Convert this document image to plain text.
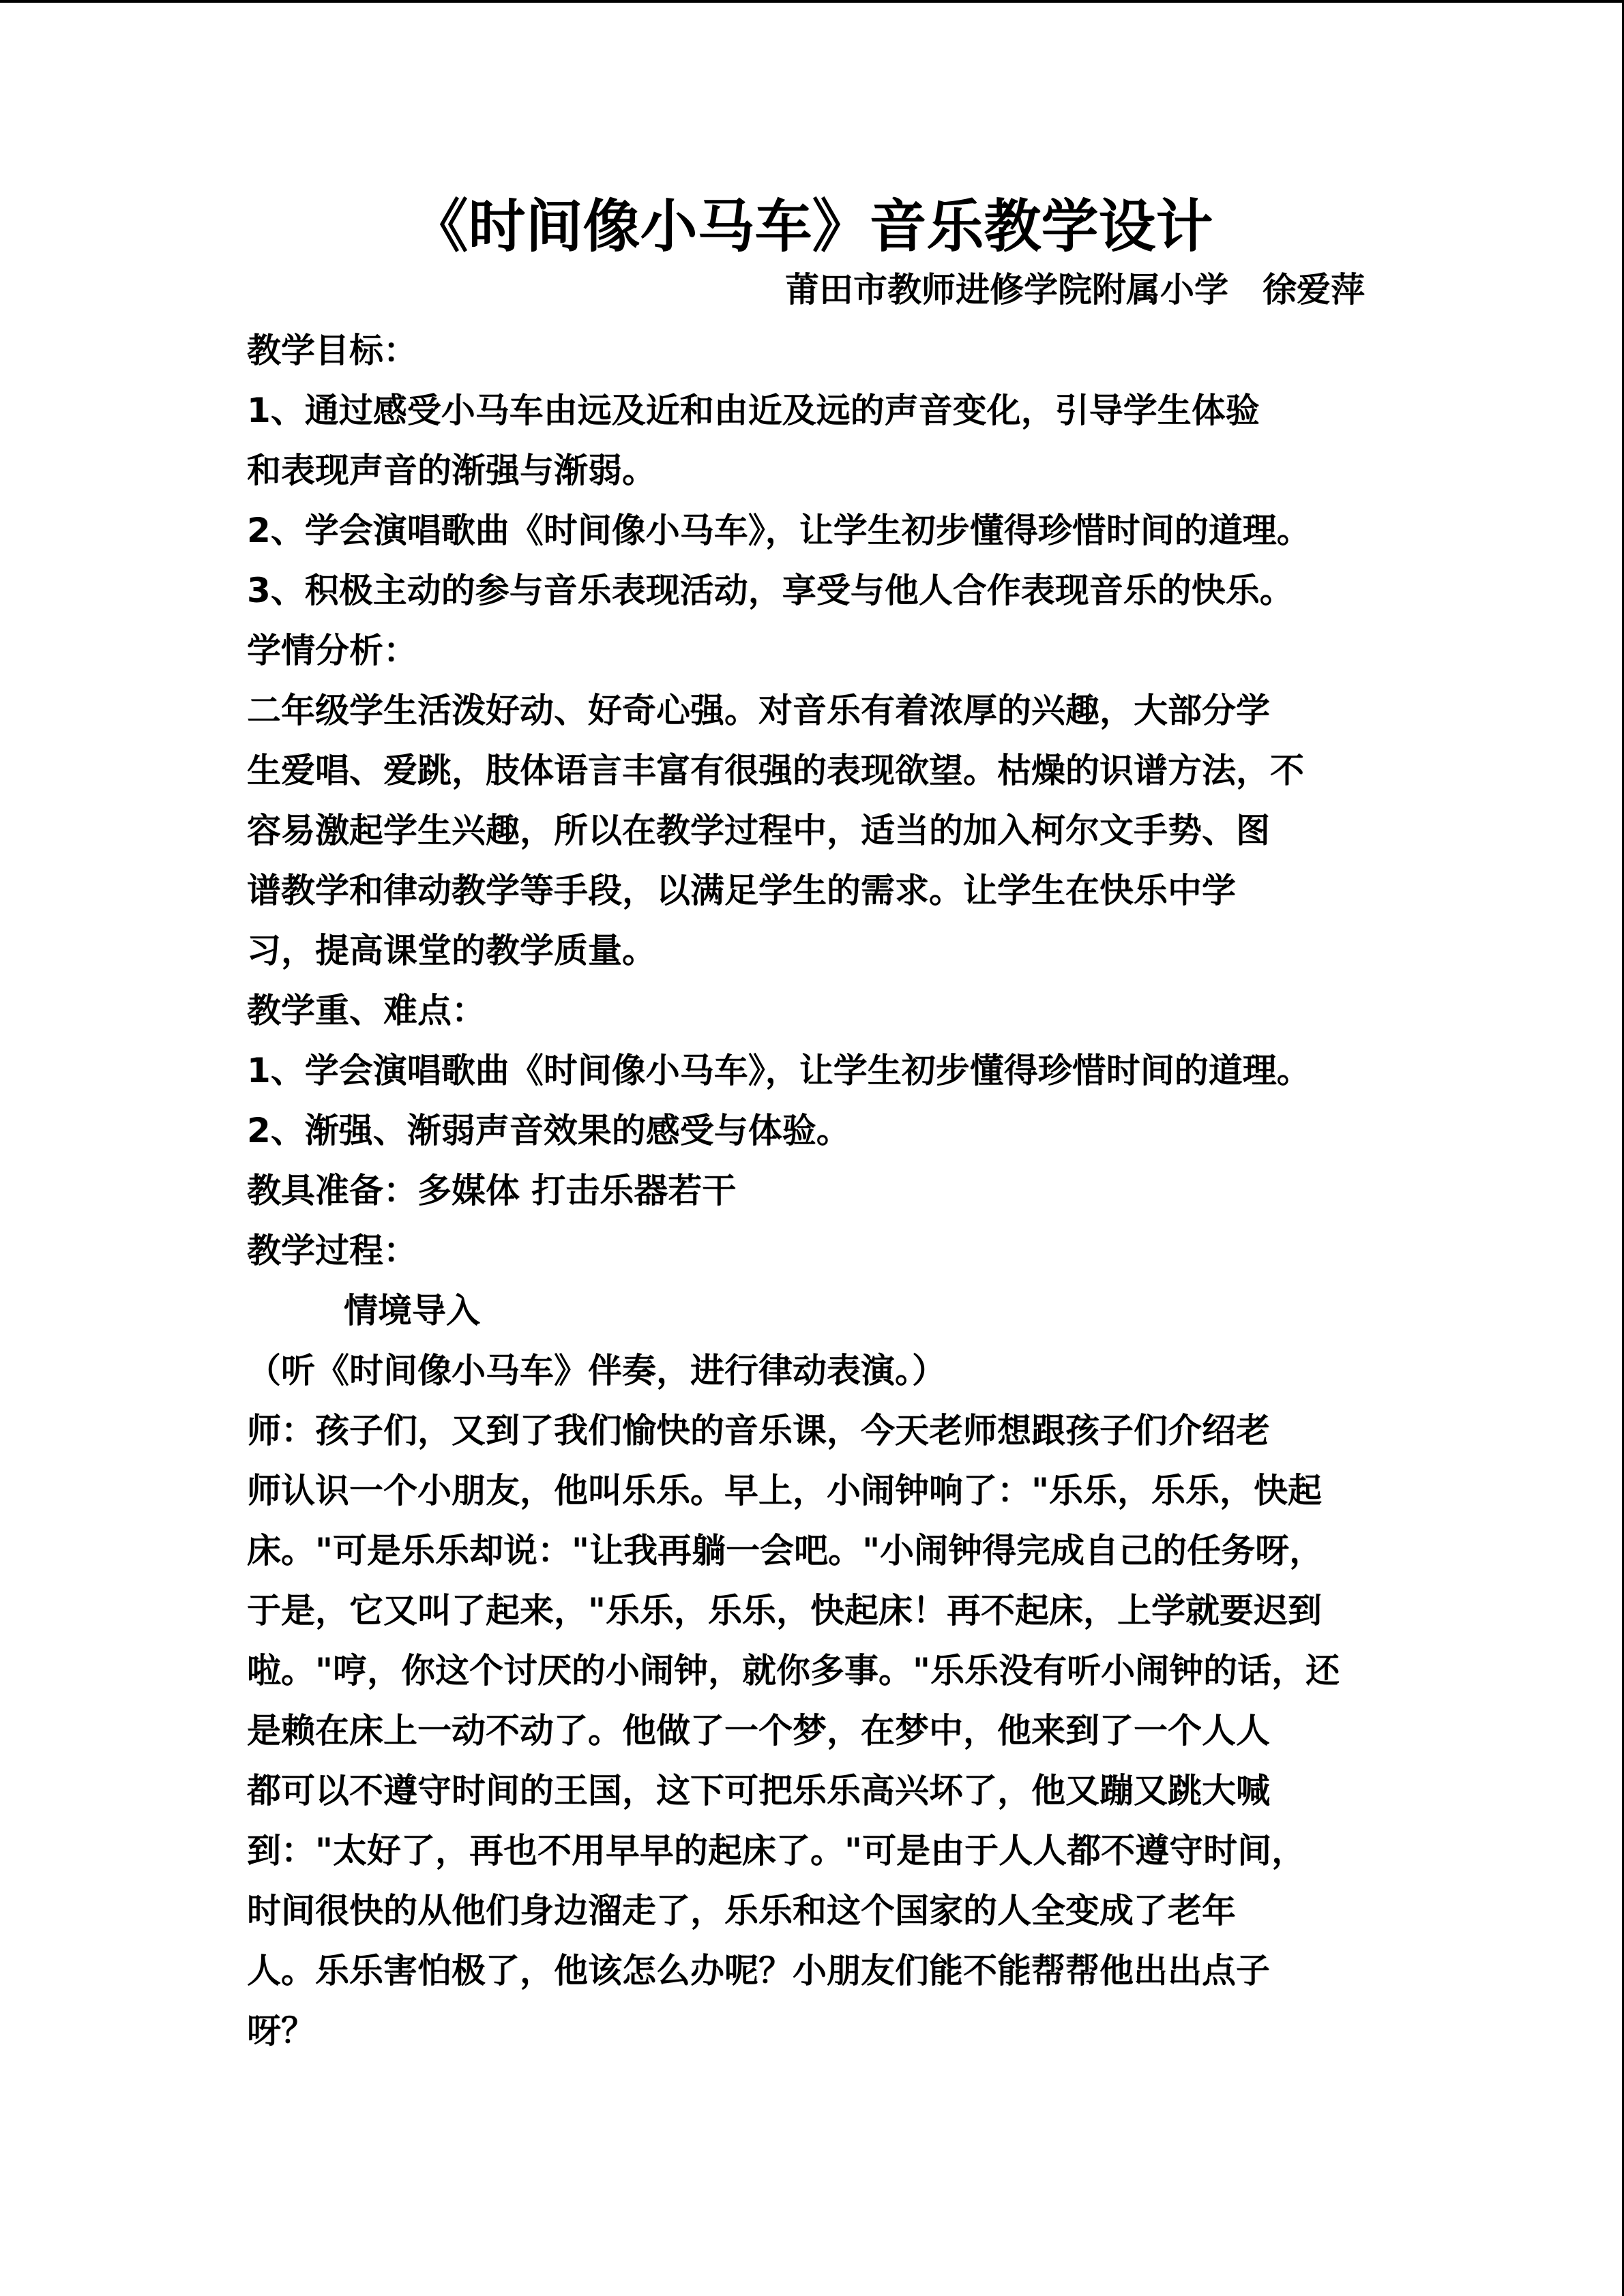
《时间像小马车》音乐教学设计
莆田市教师进修学院附属小学 徐爱萍
教学目标：
1、通过感受小马车由远及近和由近及远的声音变化，引导学生体验
和表现声音的渐强与渐弱。
2、学会演唱歌曲《时间像小马车》，让学生初步懂得珍惜时间的道理。
3、积极主动的参与音乐表现活动，享受与他人合作表现音乐的快乐。
学情分析：
二年级学生活泼好动、好奇心强。对音乐有着浓厚的兴趣，大部分学
生爱唱、爱跳，肢体语言丰富有很强的表现欲望。枯燥的识谱方法，不
容易激起学生兴趣，所以在教学过程中，适当的加入柯尔文手势、图
谱教学和律动教学等手段，以满足学生的需求。让学生在快乐中学
习，提高课堂的教学质量。
教学重、难点：
1、学会演唱歌曲《时间像小马车》，让学生初步懂得珍惜时间的道理。
2、渐强、渐弱声音效果的感受与体验。
教具准备：多媒体 打击乐器若干
教学过程：
情境导入
（听《时间像小马车》伴奏，进行律动表演。）
师：孩子们，又到了我们愉快的音乐课，今天老师想跟孩子们介绍老
师认识一个小朋友，他叫乐乐。早上，小闹钟响了："乐乐，乐乐，快起
床。"可是乐乐却说："让我再躺一会吧。"小闹钟得完成自己的任务呀，
于是，它又叫了起来，"乐乐，乐乐，快起床！再不起床，上学就要迟到
啦。"哼，你这个讨厌的小闹钟，就你多事。"乐乐没有听小闹钟的话，还
是赖在床上一动不动了。他做了一个梦，在梦中，他来到了一个人人
都可以不遵守时间的王国，这下可把乐乐高兴坏了，他又蹦又跳大喊
到："太好了，再也不用早早的起床了。"可是由于人人都不遵守时间，
时间很快的从他们身边溜走了，乐乐和这个国家的人全变成了老年
人。乐乐害怕极了，他该怎么办呢？小朋友们能不能帮帮他出出点子
呀？
